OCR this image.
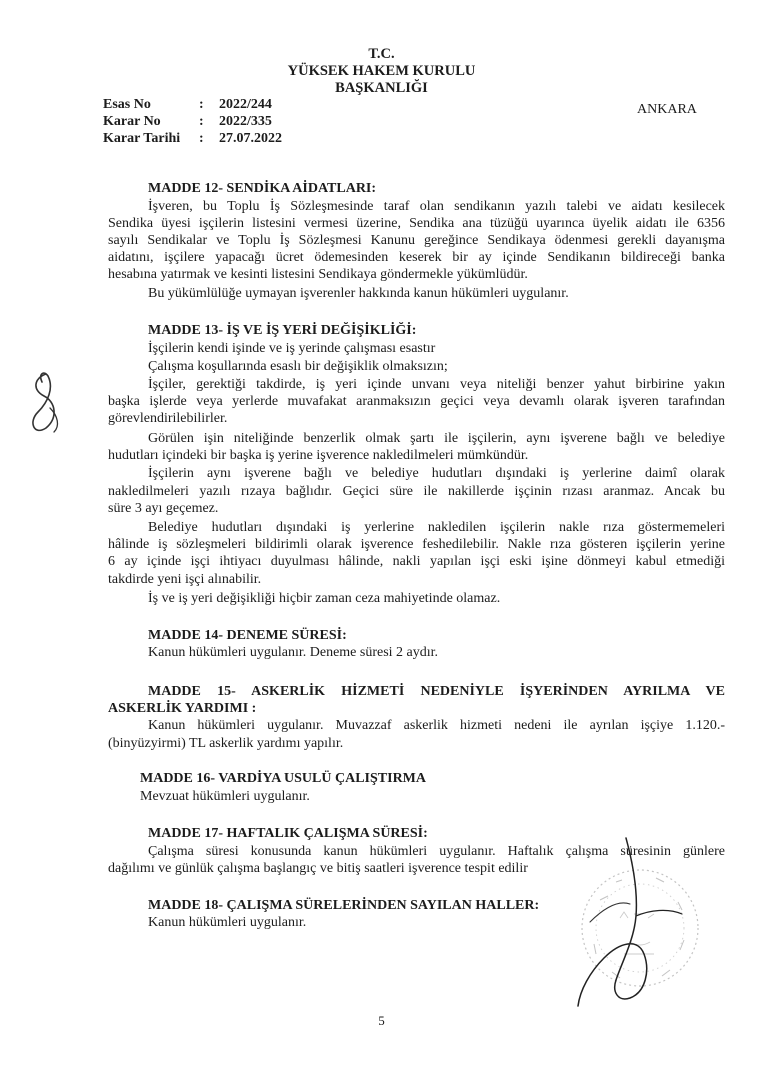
T.C.
YÜKSEK HAKEM KURULU
BAŞKANLIĞI
Esas No	:	2022/244
Karar No	:	2022/335
Karar Tarihi	:	27.07.2022
ANKARA
MADDE 12- SENDİKA AİDATLARI:
İşveren, bu Toplu İş Sözleşmesinde taraf olan sendikanın yazılı talebi ve aidatı kesilecek
Sendika üyesi işçilerin listesini vermesi üzerine, Sendika ana tüzüğü uyarınca üyelik aidatı ile 6356
sayılı Sendikalar ve Toplu İş Sözleşmesi Kanunu gereğince Sendikaya ödenmesi gerekli dayanışma
aidatını, işçilere yapacağı ücret ödemesinden keserek bir ay içinde Sendikanın bildireceği banka
hesabına yatırmak ve kesinti listesini Sendikaya göndermekle yükümlüdür.
Bu yükümlülüğe uymayan işverenler hakkında kanun hükümleri uygulanır.
MADDE 13- İŞ VE İŞ YERİ DEĞİŞİKLİĞİ:
İşçilerin kendi işinde ve iş yerinde çalışması esastır
Çalışma koşullarında esaslı bir değişiklik olmaksızın;
İşçiler, gerektiği takdirde, iş yeri içinde unvanı veya niteliği benzer yahut birbirine yakın
başka işlerde veya yerlerde muvafakat aranmaksızın geçici veya devamlı olarak işveren tarafından
görevlendirilebilirler.
Görülen işin niteliğinde benzerlik olmak şartı ile işçilerin, aynı işverene bağlı ve belediye
hudutları içindeki bir başka iş yerine işverence nakledilmeleri mümkündür.
İşçilerin aynı işverene bağlı ve belediye hudutları dışındaki iş yerlerine daimî olarak
nakledilmeleri yazılı rızaya bağlıdır. Geçici süre ile nakillerde işçinin rızası aranmaz. Ancak bu
süre 3 ayı geçemez.
Belediye hudutları dışındaki iş yerlerine nakledilen işçilerin nakle rıza göstermemeleri
hâlinde iş sözleşmeleri bildirimli olarak işverence feshedilebilir. Nakle rıza gösteren işçilerin yerine
6 ay içinde işçi ihtiyacı duyulması hâlinde, nakli yapılan işçi eski işine dönmeyi kabul etmediği
takdirde yeni işçi alınabilir.
İş ve iş yeri değişikliği hiçbir zaman ceza mahiyetinde olamaz.
MADDE 14- DENEME SÜRESİ:
Kanun hükümleri uygulanır. Deneme süresi 2 aydır.
MADDE 15- ASKERLİK HİZMETİ NEDENİYLE İŞYERİNDEN AYRILMA VE
ASKERLİK YARDIMI :
Kanun hükümleri uygulanır. Muvazzaf askerlik hizmeti nedeni ile ayrılan işçiye 1.120.-
(binyüzyirmi) TL askerlik yardımı yapılır.
MADDE 16- VARDİYA USULÜ ÇALIŞTIRMA
Mevzuat hükümleri uygulanır.
MADDE 17- HAFTALIK ÇALIŞMA SÜRESİ:
Çalışma süresi konusunda kanun hükümleri uygulanır. Haftalık çalışma süresinin günlere
dağılımı ve günlük çalışma başlangıç ve bitiş saatleri işverence tespit edilir
MADDE 18- ÇALIŞMA SÜRELERİNDEN SAYILAN HALLER:
Kanun hükümleri uygulanır.
5
